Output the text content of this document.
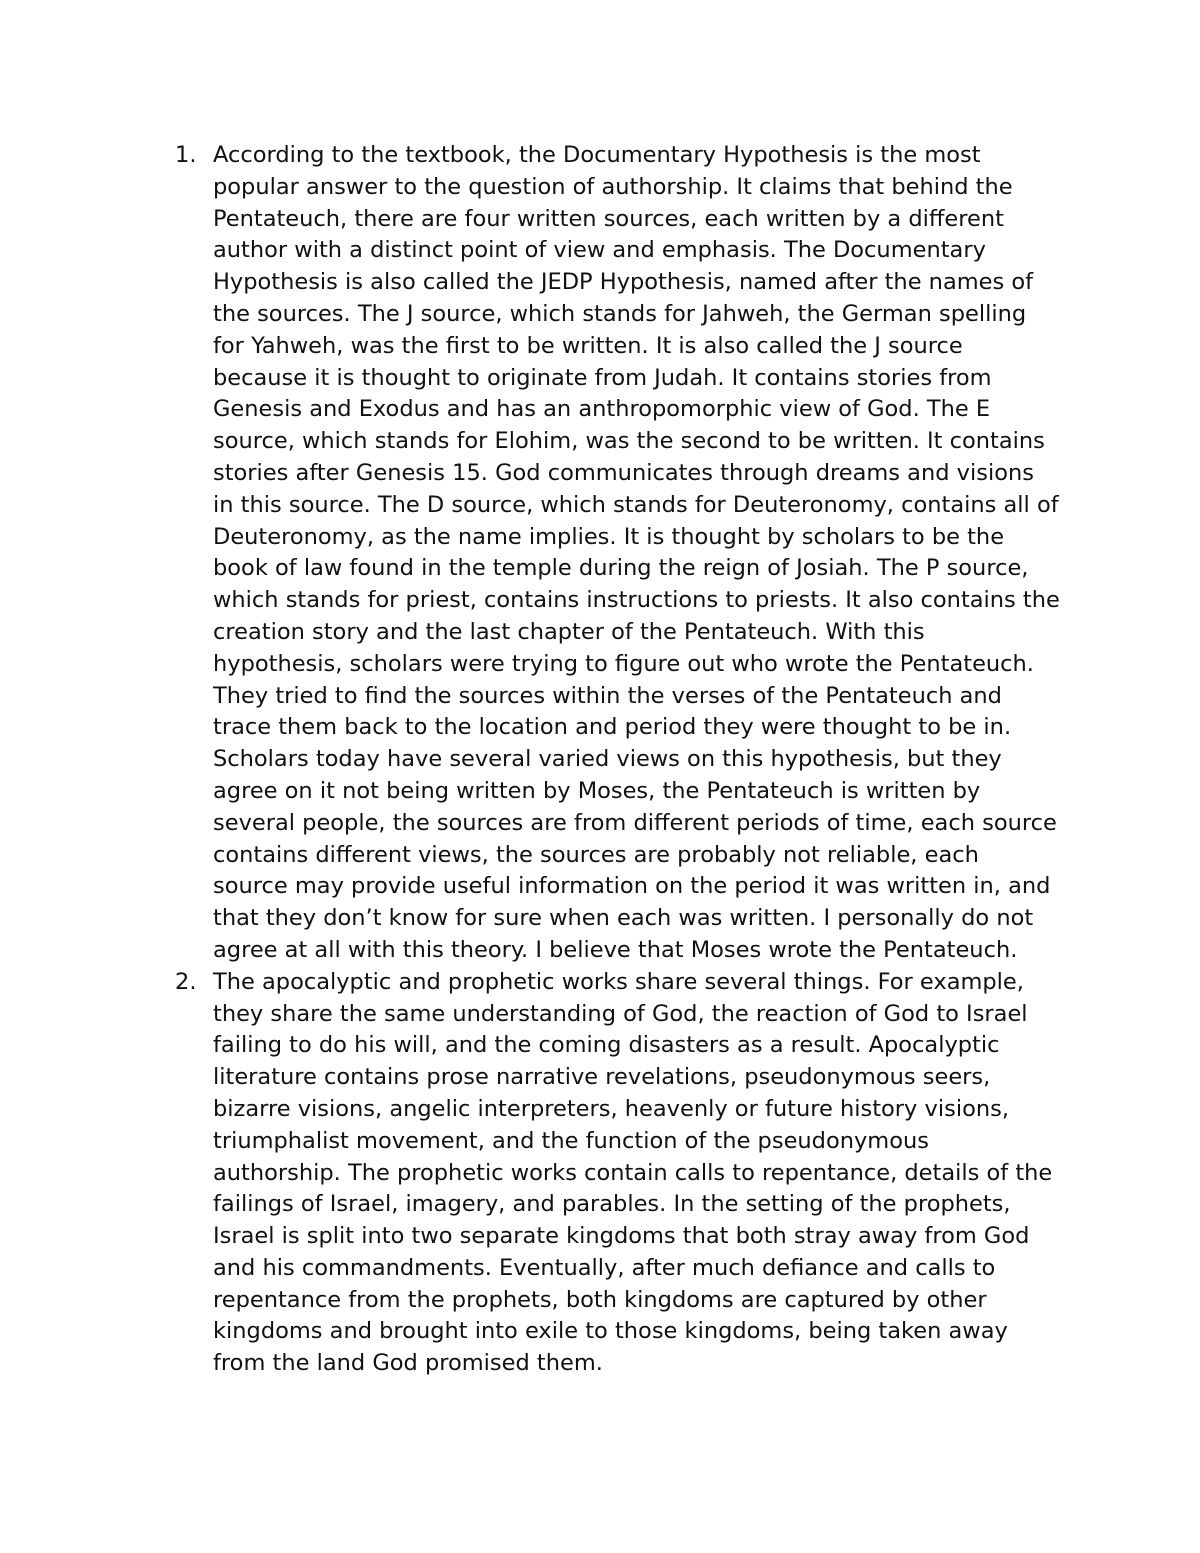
1. According to the textbook, the Documentary Hypothesis is the most popular answer to the question of authorship. It claims that behind the Pentateuch, there are four written sources, each written by a different author with a distinct point of view and emphasis. The Documentary Hypothesis is also called the JEDP Hypothesis, named after the names of the sources. The J source, which stands for Jahweh, the German spelling for Yahweh, was the first to be written. It is also called the J source because it is thought to originate from Judah. It contains stories from Genesis and Exodus and has an anthropomorphic view of God. The E source, which stands for Elohim, was the second to be written. It contains stories after Genesis 15. God communicates through dreams and visions in this source. The D source, which stands for Deuteronomy, contains all of Deuteronomy, as the name implies. It is thought by scholars to be the book of law found in the temple during the reign of Josiah. The P source, which stands for priest, contains instructions to priests. It also contains the creation story and the last chapter of the Pentateuch. With this hypothesis, scholars were trying to figure out who wrote the Pentateuch. They tried to find the sources within the verses of the Pentateuch and trace them back to the location and period they were thought to be in. Scholars today have several varied views on this hypothesis, but they agree on it not being written by Moses, the Pentateuch is written by several people, the sources are from different periods of time, each source contains different views, the sources are probably not reliable, each source may provide useful information on the period it was written in, and that they don’t know for sure when each was written. I personally do not agree at all with this theory. I believe that Moses wrote the Pentateuch.
2. The apocalyptic and prophetic works share several things. For example, they share the same understanding of God, the reaction of God to Israel failing to do his will, and the coming disasters as a result. Apocalyptic literature contains prose narrative revelations, pseudonymous seers, bizarre visions, angelic interpreters, heavenly or future history visions, triumphalist movement, and the function of the pseudonymous authorship. The prophetic works contain calls to repentance, details of the failings of Israel, imagery, and parables. In the setting of the prophets, Israel is split into two separate kingdoms that both stray away from God and his commandments. Eventually, after much defiance and calls to repentance from the prophets, both kingdoms are captured by other kingdoms and brought into exile to those kingdoms, being taken away from the land God promised them.
